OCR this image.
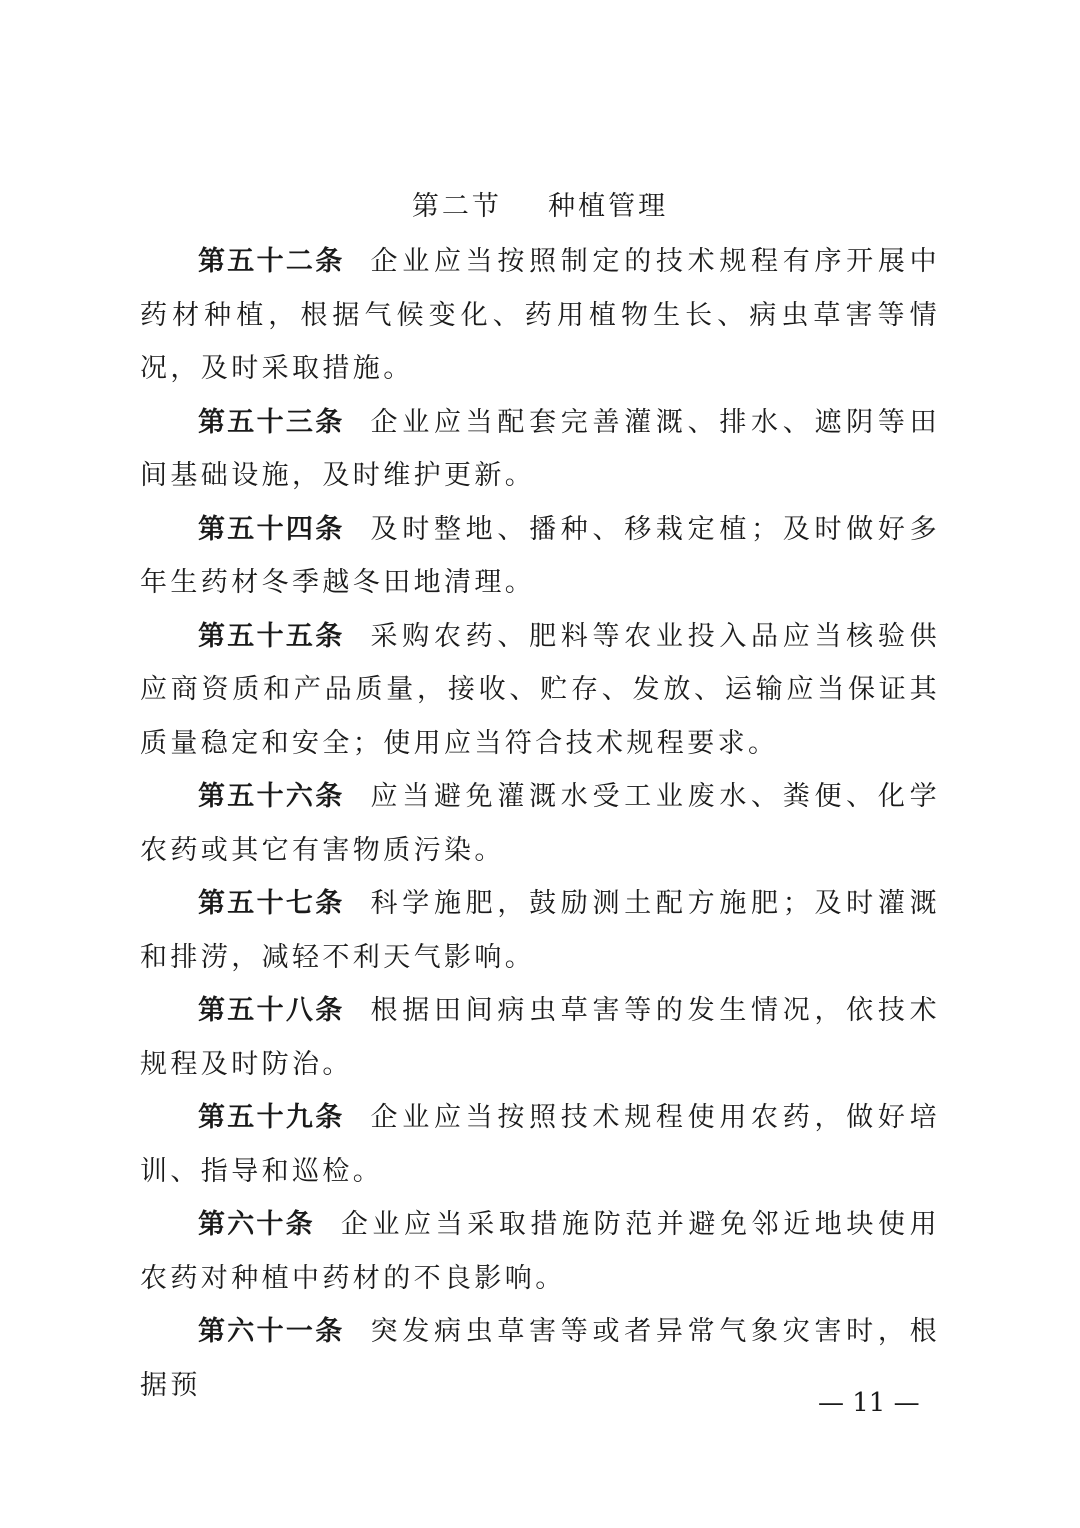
第二节    种植管理

第五十二条 企业应当按照制定的技术规程有序开展中药材种植，根据气候变化、药用植物生长、病虫草害等情况，及时采取措施。

第五十三条 企业应当配套完善灌溉、排水、遮阴等田间基础设施，及时维护更新。

第五十四条 及时整地、播种、移栽定植；及时做好多年生药材冬季越冬田地清理。

第五十五条 采购农药、肥料等农业投入品应当核验供应商资质和产品质量，接收、贮存、发放、运输应当保证其质量稳定和安全；使用应当符合技术规程要求。

第五十六条 应当避免灌溉水受工业废水、粪便、化学农药或其它有害物质污染。

第五十七条 科学施肥，鼓励测土配方施肥；及时灌溉和排涝，减轻不利天气影响。

第五十八条 根据田间病虫草害等的发生情况，依技术规程及时防治。

第五十九条 企业应当按照技术规程使用农药，做好培训、指导和巡检。

第六十条 企业应当采取措施防范并避免邻近地块使用农药对种植中药材的不良影响。

第六十一条 突发病虫草害等或者异常气象灾害时，根据预

— 11 —
